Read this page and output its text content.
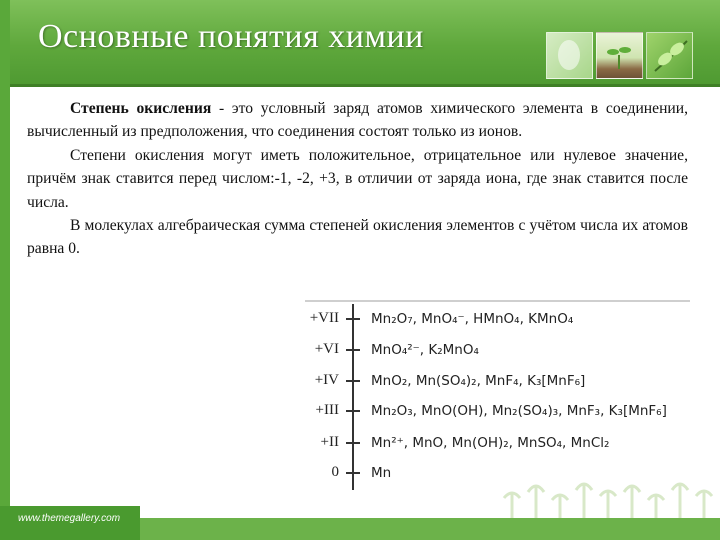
Основные понятия химии

Степень окисления - это условный заряд атомов химического элемента в соединении, вычисленный из предположения, что соединения состоят только из ионов.

Степени окисления могут иметь положительное, отрицательное или нулевое значение, причём знак ставится перед числом:-1, -2, +3, в отличии от заряда иона, где знак ставится после числа.

В молекулах алгебраическая сумма степеней окисления элементов с учётом числа их атомов равна 0.

+VII Mn₂O₇, MnO₄⁻, HMnO₄, KMnO₄
+VI MnO₄²⁻, K₂MnO₄
+IV MnO₂, Mn(SO₄)₂, MnF₄, K₃[MnF₆]
+III Mn₂O₃, MnO(OH), Mn₂(SO₄)₃, MnF₃, K₃[MnF₆]
+II Mn²⁺, MnO, Mn(OH)₂, MnSO₄, MnCl₂
0 Mn
www.themegallery.com
